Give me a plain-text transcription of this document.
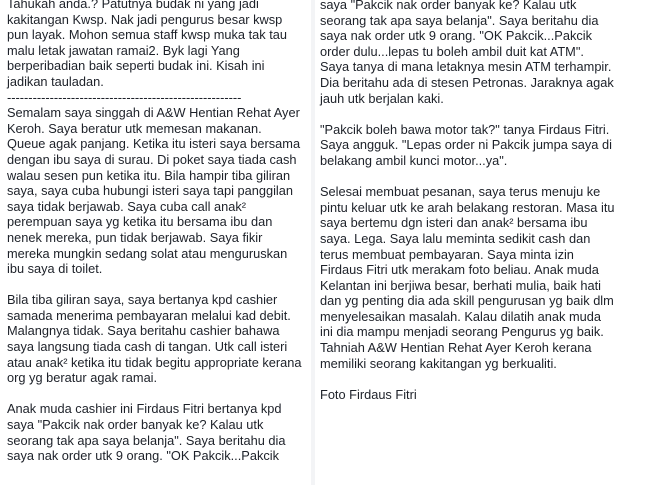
Tahukah anda.? Patutnya budak ni yang jadi
kakitangan Kwsp. Nak jadi pengurus besar kwsp
pun layak. Mohon semua staff kwsp muka tak tau
malu letak jawatan ramai2. Byk lagi Yang
berperibadian baik seperti budak ini. Kisah ini
jadikan tauladan.
-------------------------------------------------------
Semalam saya singgah di A&W Hentian Rehat Ayer
Keroh. Saya beratur utk memesan makanan.
Queue agak panjang. Ketika itu isteri saya bersama
dengan ibu saya di surau. Di poket saya tiada cash
walau sesen pun ketika itu. Bila hampir tiba giliran
saya, saya cuba hubungi isteri saya tapi panggilan
saya tidak berjawab. Saya cuba call anak²
perempuan saya yg ketika itu bersama ibu dan
nenek mereka, pun tidak berjawab. Saya fikir
mereka mungkin sedang solat atau menguruskan
ibu saya di toilet.

Bila tiba giliran saya, saya bertanya kpd cashier
samada menerima pembayaran melalui kad debit.
Malangnya tidak. Saya beritahu cashier bahawa
saya langsung tiada cash di tangan. Utk call isteri
atau anak² ketika itu tidak begitu appropriate kerana
org yg beratur agak ramai.

Anak muda cashier ini Firdaus Fitri bertanya kpd
saya "Pakcik nak order banyak ke? Kalau utk
seorang tak apa saya belanja". Saya beritahu dia
saya nak order utk 9 orang. "OK Pakcik...Pakcik

saya "Pakcik nak order banyak ke? Kalau utk
seorang tak apa saya belanja". Saya beritahu dia
saya nak order utk 9 orang. "OK Pakcik...Pakcik
order dulu...lepas tu boleh ambil duit kat ATM".
Saya tanya di mana letaknya mesin ATM terhampir.
Dia beritahu ada di stesen Petronas. Jaraknya agak
jauh utk berjalan kaki.

"Pakcik boleh bawa motor tak?" tanya Firdaus Fitri.
Saya angguk. "Lepas order ni Pakcik jumpa saya di
belakang ambil kunci motor...ya".

Selesai membuat pesanan, saya terus menuju ke
pintu keluar utk ke arah belakang restoran. Masa itu
saya bertemu dgn isteri dan anak² bersama ibu
saya. Lega. Saya lalu meminta sedikit cash dan
terus membuat pembayaran. Saya minta izin
Firdaus Fitri utk merakam foto beliau. Anak muda
Kelantan ini berjiwa besar, berhati mulia, baik hati
dan yg penting dia ada skill pengurusan yg baik dlm
menyelesaikan masalah. Kalau dilatih anak muda
ini dia mampu menjadi seorang Pengurus yg baik.
Tahniah A&W Hentian Rehat Ayer Keroh kerana
memiliki seorang kakitangan yg berkualiti.

Foto Firdaus Fitri
